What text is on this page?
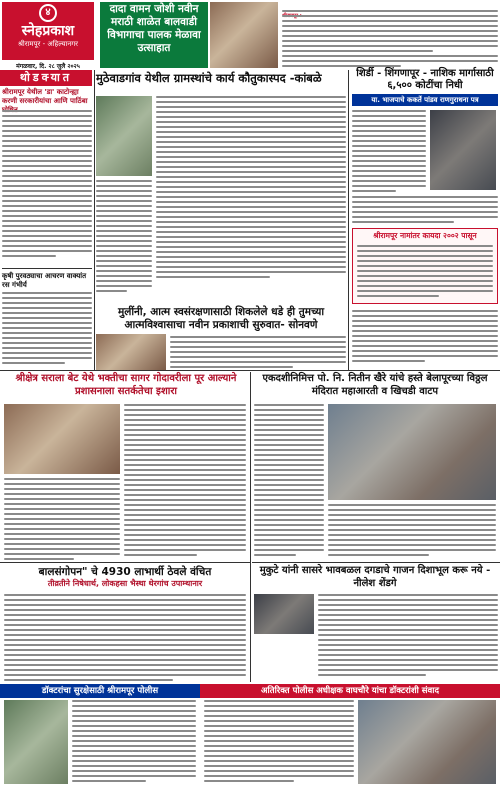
४
स्नेहप्रकाश
श्रीरामपूर - अहिल्यानगर
मंगळवार, दि. २८ जुलै २०२५
दादा वामन जोशी नवीन मराठी शाळेत बालवाडी विभागाचा पालक मेळावा उत्साहात
थोडक्यात	मुठेवाडगांव येथील ग्रामस्थांचे कार्य कौतुकास्पद -कांबळे	शिर्डी - शिंगणापूर - नाशिक मार्गासाठी ६,५०० कोटींचा निधी
या. भाजपाचे ककर्ते पांडव राणगुराधना पत्र
श्रीरामपूर येथील 'डा' काटोन्ह्या करणी सरकारीयांचा आणि पाठिंबा
कृषी पुरवठ्याचा आचरण वाक्यांत रस गंभीर्य
मुलींनी, आत्म स्वसंरक्षणासाठी शिकलेले धडे ही तुमच्या आत्मविश्वासाचा नवीन प्रकाशाची सुरुवात- सोनवणे
श्रीरामपूर नामांतर कायदा २००२ पासून
श्रीक्षेत्र सराला बेट येथे भक्तीचा सागर गोदावरीला पूर आल्याने प्रशासनाला सतर्कतेचा इशारा
एकदशीनिमित्त पो. नि. नितीन खैरे यांचे हस्ते बेलापूरच्या विठ्ठल मंदिरात महाआरती व खिचडी वाटप
बालसंगोपन" चे 4930 लाभार्थी ठेवले वंचित
तीव्रतीने निषेधार्थ, लोकहसा भैस्था थेरगांच उपाम्थानार
मुकुटे यांनी सासरे भावबळल दगडाचे गाजन दिशाभूल करू नये - नीलेश शेंडगे
डॉक्टरांचा सुरक्षेसाठी श्रीरामपूर पोलीस	अतिरिक्त पोलीस अधीक्षक वाघचौरे यांचा डॉक्टरांशी संवाद
